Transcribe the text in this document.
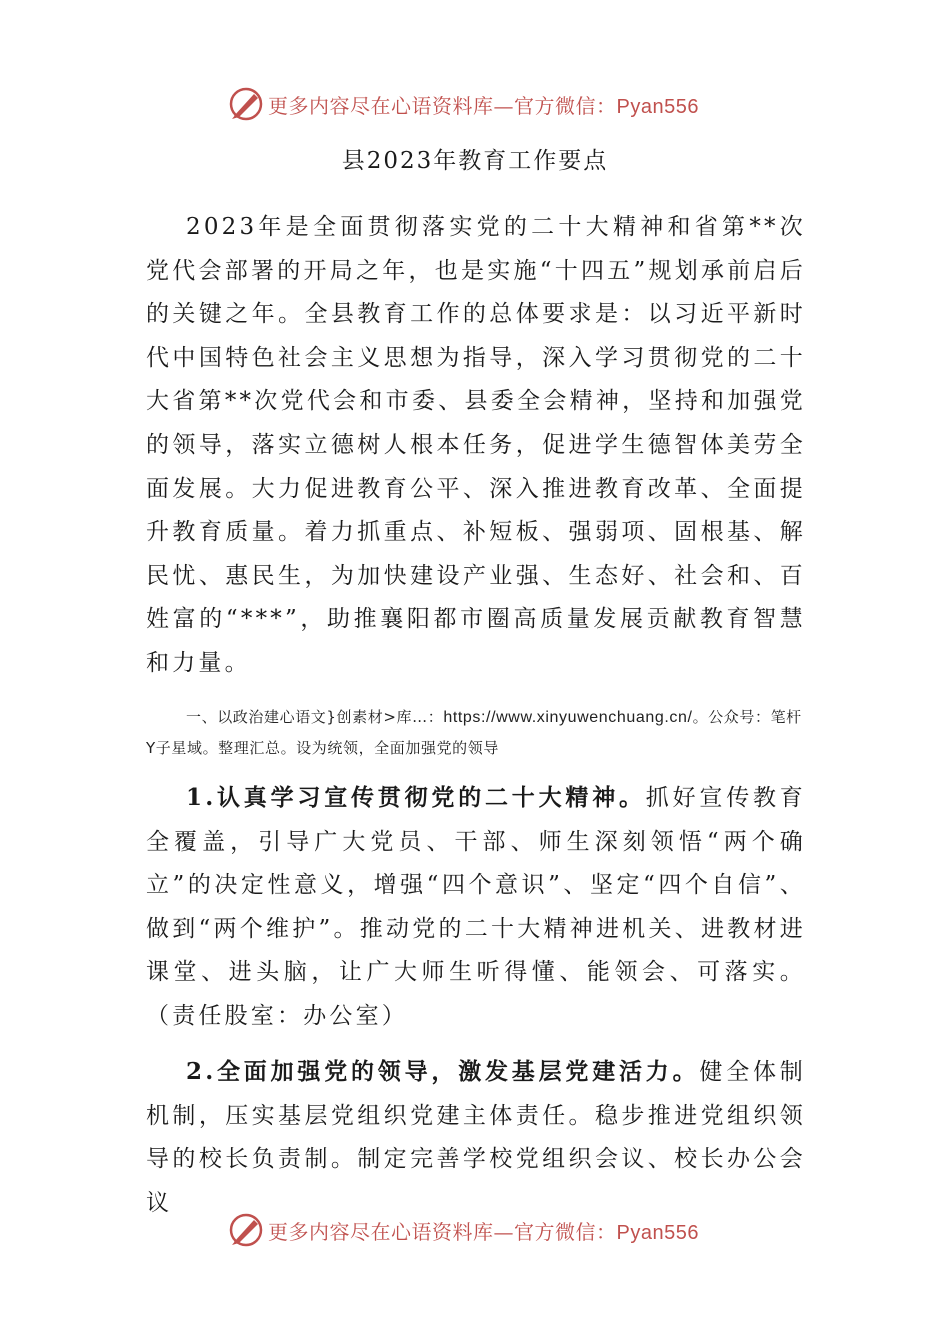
更多内容尽在心语资料库—官方微信：Pyan556
县2023年教育工作要点
2023年是全面贯彻落实党的二十大精神和省第**次党代会部署的开局之年，也是实施“十四五”规划承前启后的关键之年。全县教育工作的总体要求是：以习近平新时代中国特色社会主义思想为指导，深入学习贯彻党的二十大省第**次党代会和市委、县委全会精神，坚持和加强党的领导，落实立德树人根本任务，促进学生德智体美劳全面发展。大力促进教育公平、深入推进教育改革、全面提升教育质量。着力抓重点、补短板、强弱项、固根基、解民忧、惠民生，为加快建设产业强、生态好、社会和、百姓富的“***”，助推襄阳都市圈高质量发展贡献教育智慧和力量。
一、以政治建心语文}创素材>库…：https://www.xinyuwenchuang.cn/。公众号：笔杆Y子星域。整理汇总。设为统领，全面加强党的领导
1.认真学习宣传贯彻党的二十大精神。抓好宣传教育全覆盖，引导广大党员、干部、师生深刻领悟“两个确立”的决定性意义，增强“四个意识”、坚定“四个自信”、做到“两个维护”。推动党的二十大精神进机关、进教材进课堂、进头脑，让广大师生听得懂、能领会、可落实。（责任股室：办公室）
2.全面加强党的领导，激发基层党建活力。健全体制机制，压实基层党组织党建主体责任。稳步推进党组织领导的校长负责制。制定完善学校党组织会议、校长办公会议
更多内容尽在心语资料库—官方微信：Pyan556
